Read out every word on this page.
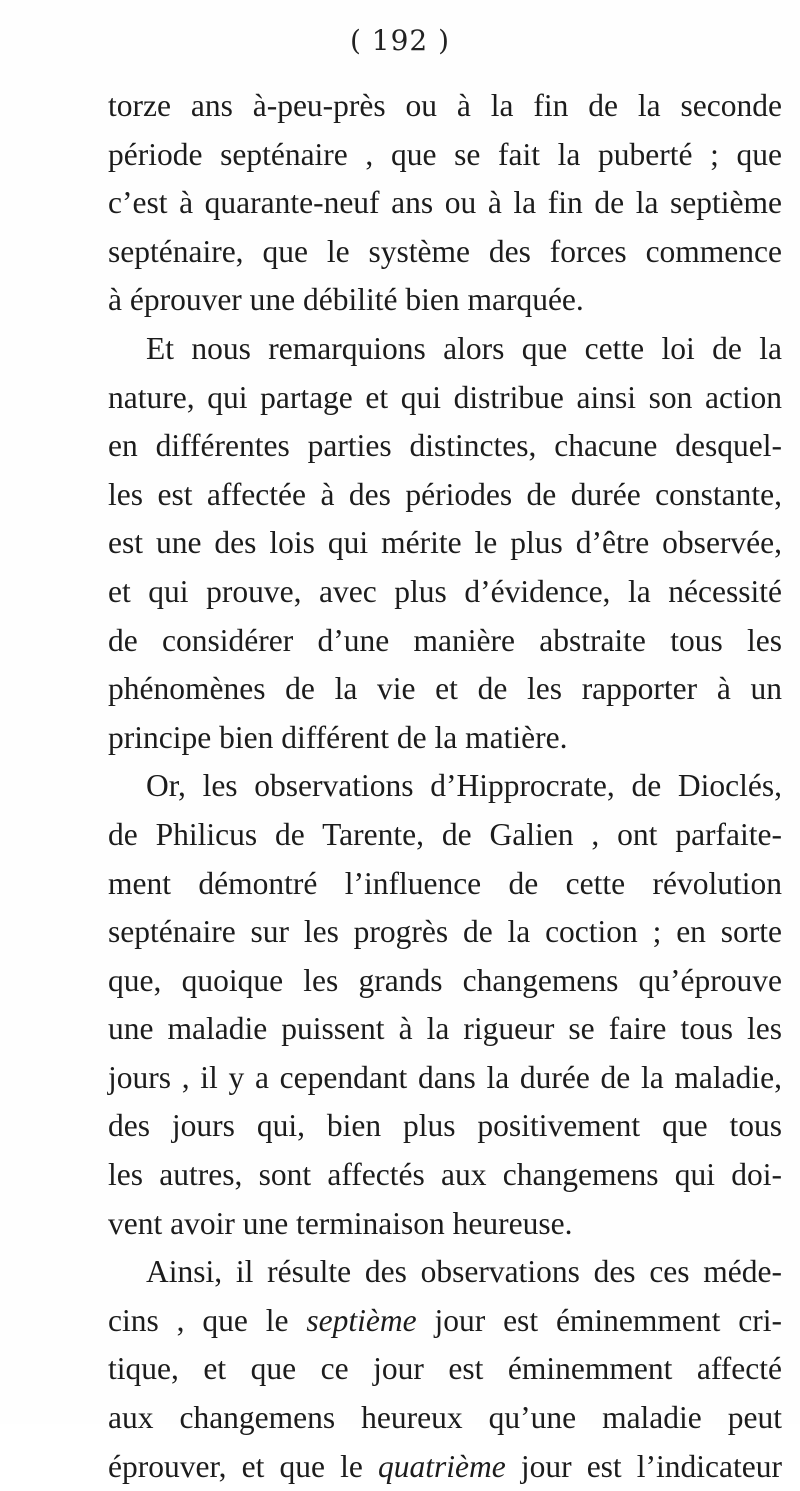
( 192 )
torze ans à-peu-près ou à la fin de la seconde
période septénaire , que se fait la puberté ; que
c’est à quarante-neuf ans ou à la fin de la septième
septénaire, que le système des forces commence
à éprouver une débilité bien marquée.
Et nous remarquions alors que cette loi de la
nature, qui partage et qui distribue ainsi son action
en différentes parties distinctes, chacune desquel-
les est affectée à des périodes de durée constante,
est une des lois qui mérite le plus d’être observée,
et qui prouve, avec plus d’évidence, la nécessité
de considérer d’une manière abstraite tous les
phénomènes de la vie et de les rapporter à un
principe bien différent de la matière.
Or, les observations d’Hipprocrate, de Dioclés,
de Philicus de Tarente, de Galien , ont parfaite-
ment démontré l’influence de cette révolution
septénaire sur les progrès de la coction ; en sorte
que, quoique les grands changemens qu’éprouve
une maladie puissent à la rigueur se faire tous les
jours , il y a cependant dans la durée de la maladie,
des jours qui, bien plus positivement que tous
les autres, sont affectés aux changemens qui doi-
vent avoir une terminaison heureuse.
Ainsi, il résulte des observations des ces méde-
cins , que le septième jour est éminemment cri-
tique, et que ce jour est éminemment affecté
aux changemens heureux qu’une maladie peut
éprouver, et que le quatrième jour est l’indicateur
